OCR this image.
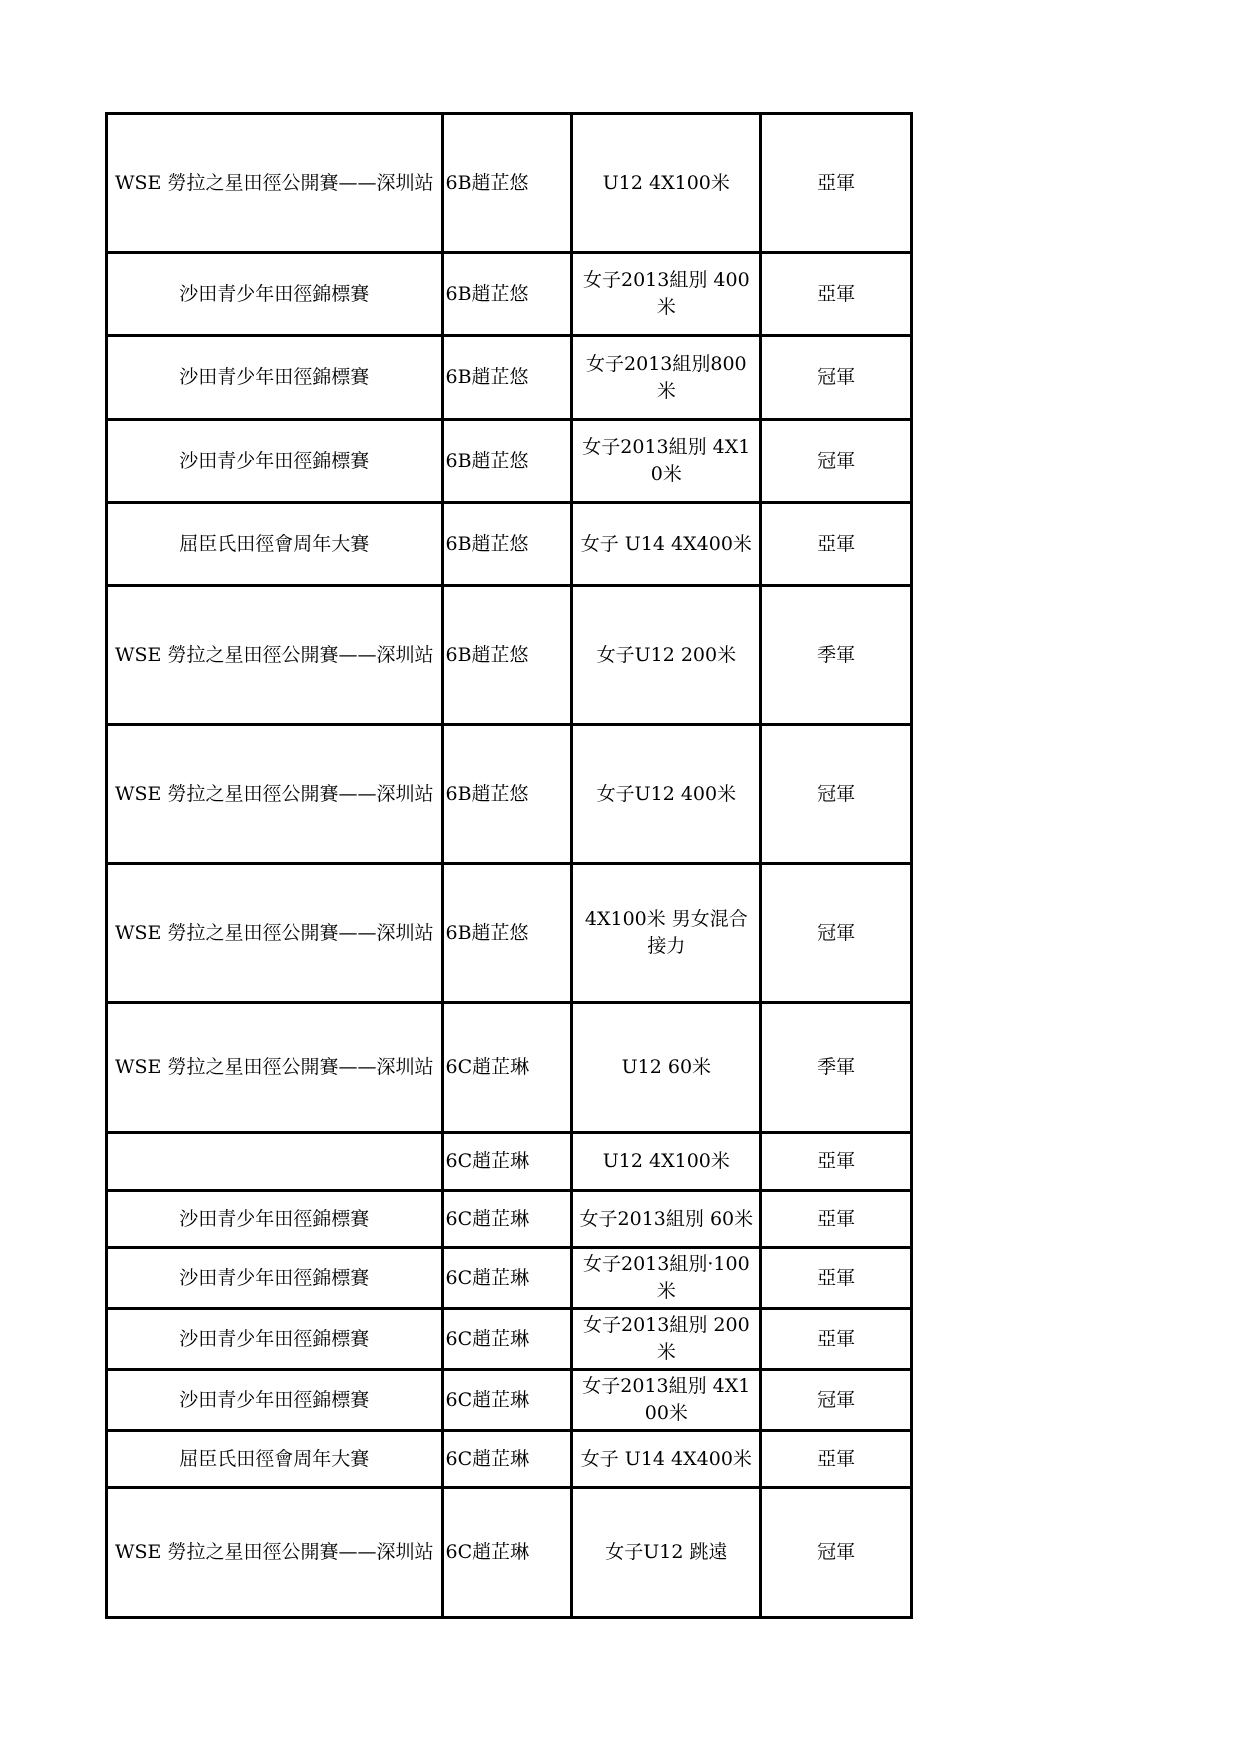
WSE 勞拉之星田徑公開賽——深圳站	6B趙芷悠	U12 4X100米	亞軍
沙田青少年田徑錦標賽	6B趙芷悠	女子2013組別 400米	亞軍
沙田青少年田徑錦標賽	6B趙芷悠	女子2013組別800米	冠軍
沙田青少年田徑錦標賽	6B趙芷悠	女子2013組別 4X10米	冠軍
屈臣氏田徑會周年大賽	6B趙芷悠	女子 U14 4X400米	亞軍
WSE 勞拉之星田徑公開賽——深圳站	6B趙芷悠	女子U12 200米	季軍
WSE 勞拉之星田徑公開賽——深圳站	6B趙芷悠	女子U12 400米	冠軍
WSE 勞拉之星田徑公開賽——深圳站	6B趙芷悠	4X100米 男女混合接力	冠軍
WSE 勞拉之星田徑公開賽——深圳站	6C趙芷琳	U12 60米	季軍
	6C趙芷琳	U12 4X100米	亞軍
沙田青少年田徑錦標賽	6C趙芷琳	女子2013組別 60米	亞軍
沙田青少年田徑錦標賽	6C趙芷琳	女子2013組別·100米	亞軍
沙田青少年田徑錦標賽	6C趙芷琳	女子2013組別 200米	亞軍
沙田青少年田徑錦標賽	6C趙芷琳	女子2013組別 4X100米	冠軍
屈臣氏田徑會周年大賽	6C趙芷琳	女子 U14 4X400米	亞軍
WSE 勞拉之星田徑公開賽——深圳站	6C趙芷琳	女子U12 跳遠	冠軍
